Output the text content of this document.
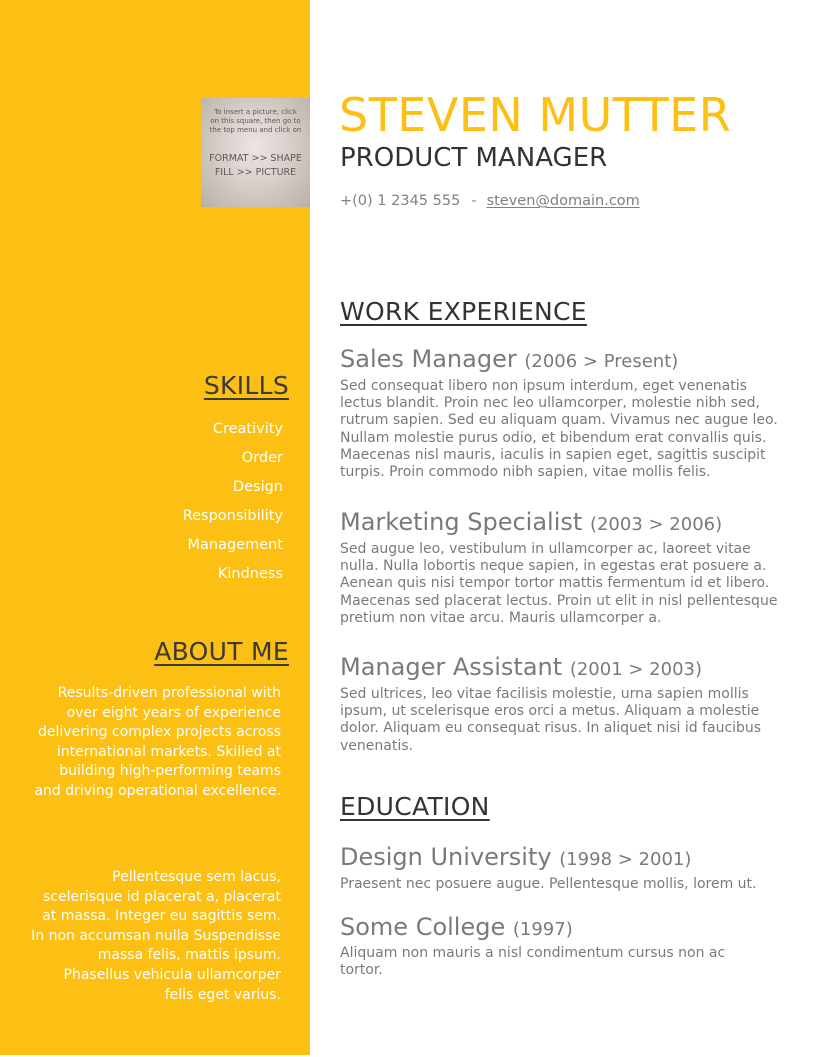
To insert a picture, click on this square, then go to the top menu and click on
FORMAT >> SHAPE FILL >> PICTURE
STEVEN MUTTER
PRODUCT MANAGER
+(0) 1 2345 555 - steven@domain.com
SKILLS
Creativity
Order
Design
Responsibility
Management
Kindness
ABOUT ME
Results-driven professional with over eight years of experience delivering complex projects across international markets. Skilled at building high-performing teams and driving operational excellence.
Pellentesque sem lacus, scelerisque id placerat a, placerat at massa. Integer eu sagittis sem. In non accumsan nulla Suspendisse massa felis, mattis ipsum. Phasellus vehicula ullamcorper felis eget varius.
WORK EXPERIENCE
Sales Manager (2006 > Present)
Sed consequat libero non ipsum interdum, eget venenatis lectus blandit. Proin nec leo ullamcorper, molestie nibh sed, rutrum sapien. Sed eu aliquam quam. Vivamus nec augue leo. Nullam molestie purus odio, et bibendum erat convallis quis. Maecenas nisl mauris, iaculis in sapien eget, sagittis suscipit turpis. Proin commodo nibh sapien, vitae mollis felis.
Marketing Specialist (2003 > 2006)
Sed augue leo, vestibulum in ullamcorper ac, laoreet vitae nulla. Nulla lobortis neque sapien, in egestas erat posuere a. Aenean quis nisi tempor tortor mattis fermentum id et libero. Maecenas sed placerat lectus. Proin ut elit in nisl pellentesque pretium non vitae arcu. Mauris ullamcorper a.
Manager Assistant (2001 > 2003)
Sed ultrices, leo vitae facilisis molestie, urna sapien mollis ipsum, ut scelerisque eros orci a metus. Aliquam a molestie dolor. Aliquam eu consequat risus. In aliquet nisi id faucibus venenatis.
EDUCATION
Design University (1998 > 2001)
Praesent nec posuere augue. Pellentesque mollis, lorem ut.
Some College (1997)
Aliquam non mauris a nisl condimentum cursus non ac tortor.
